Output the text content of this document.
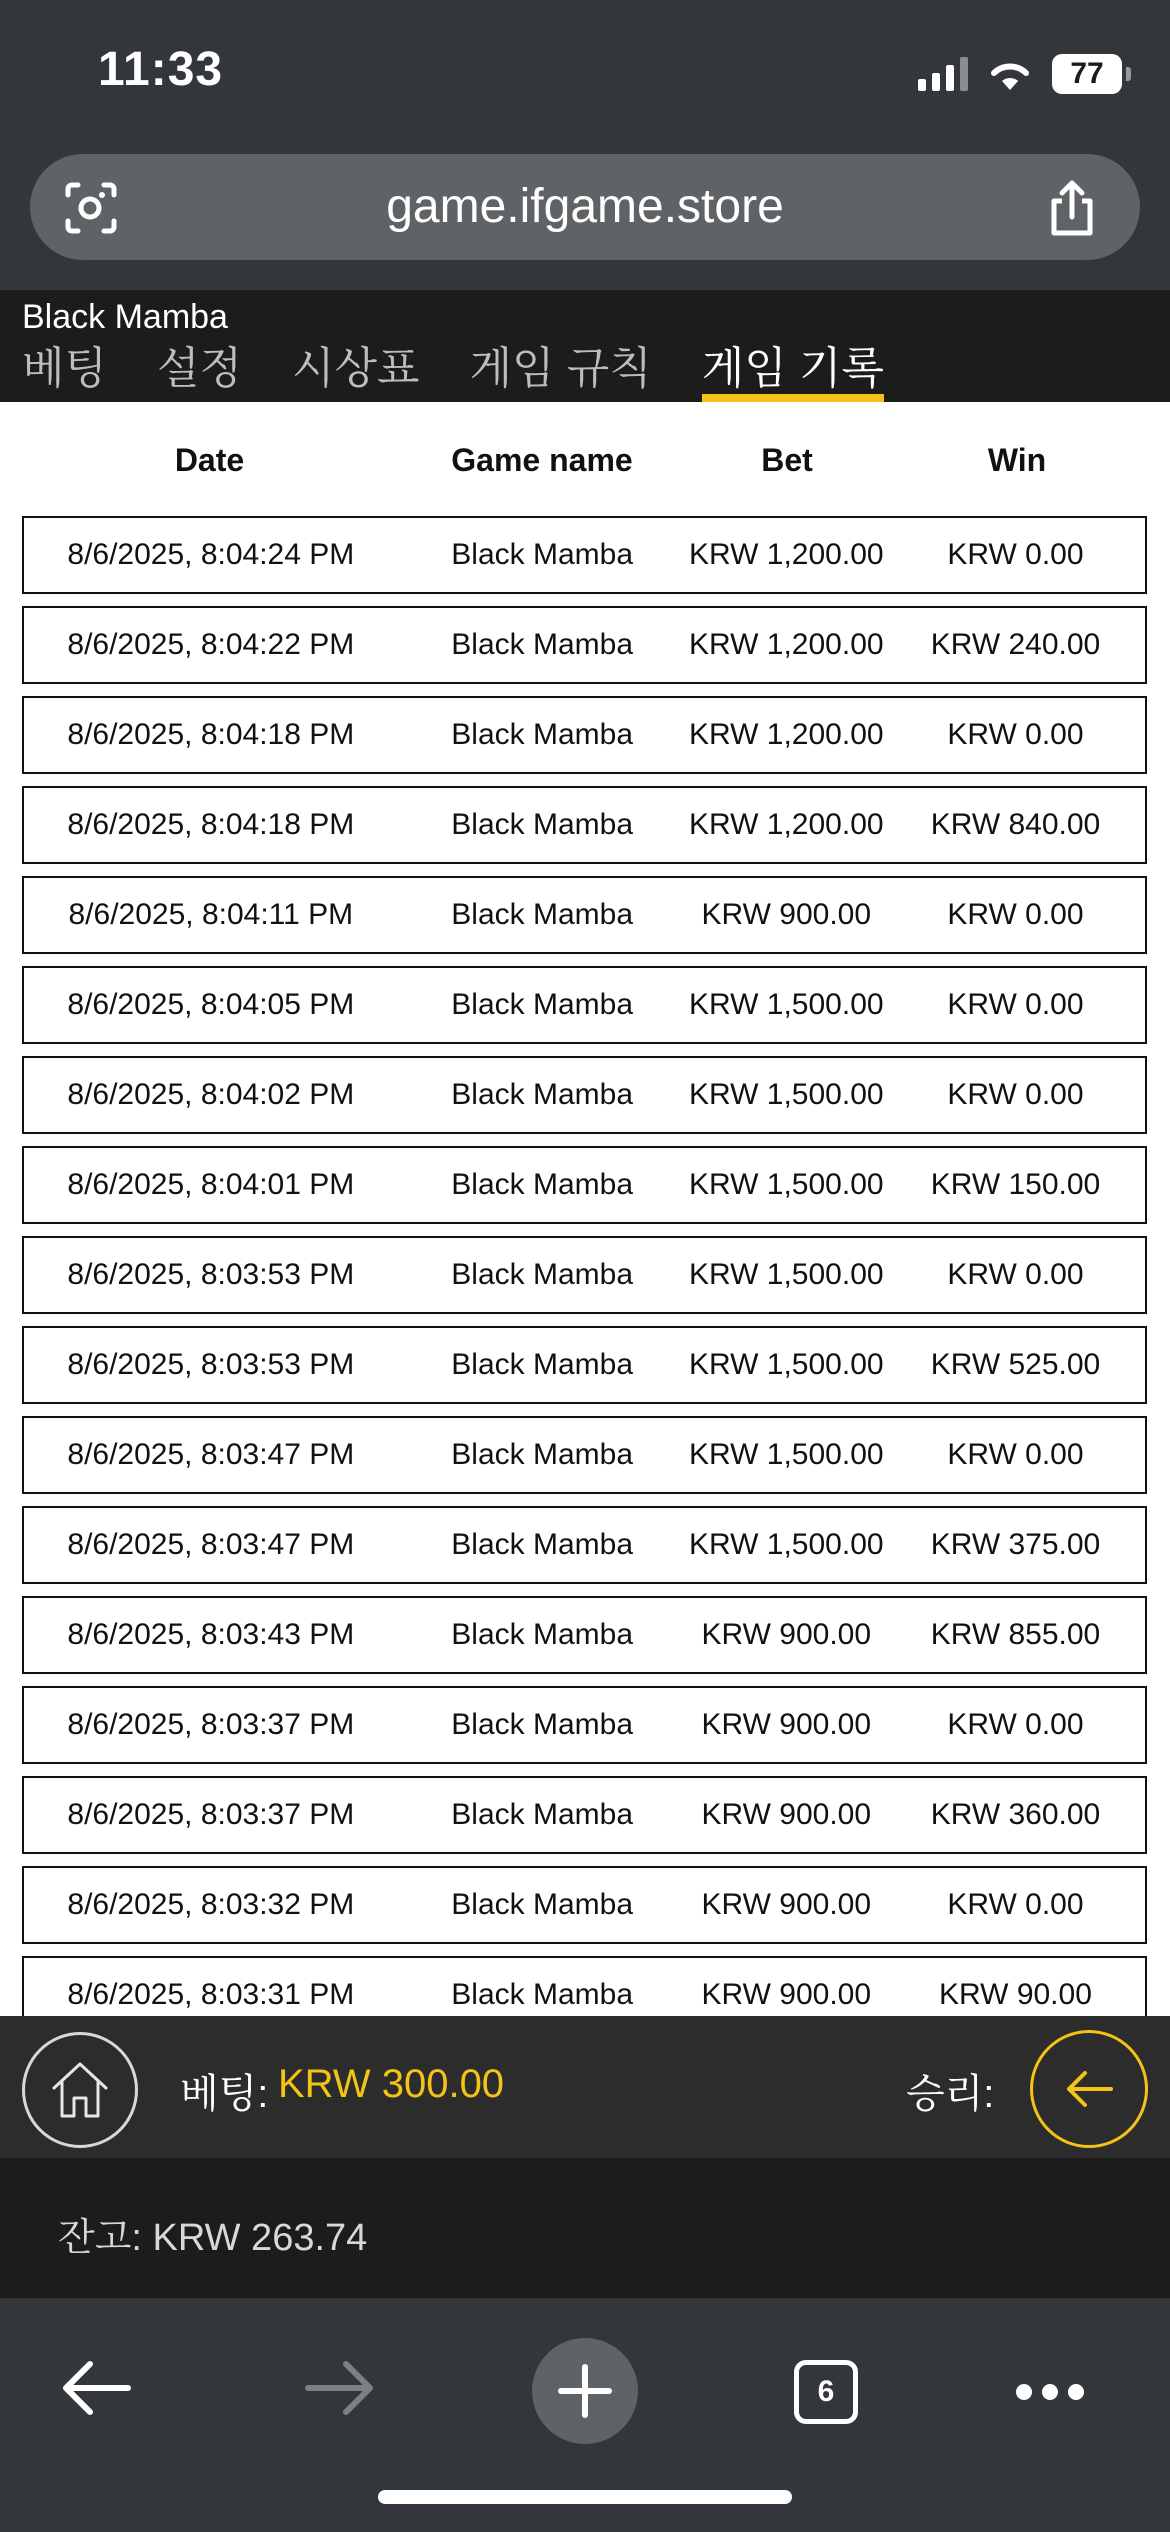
11:33	77
game.ifgame.store
Black Mamba
베팅 설정 시상표 게임 규칙 게임 기록
Date	Game name	Bet	Win
8/6/2025, 8:04:24 PM	Black Mamba	KRW 1,200.00	KRW 0.00
8/6/2025, 8:04:22 PM	Black Mamba	KRW 1,200.00	KRW 240.00
8/6/2025, 8:04:18 PM	Black Mamba	KRW 1,200.00	KRW 0.00
8/6/2025, 8:04:18 PM	Black Mamba	KRW 1,200.00	KRW 840.00
8/6/2025, 8:04:11 PM	Black Mamba	KRW 900.00	KRW 0.00
8/6/2025, 8:04:05 PM	Black Mamba	KRW 1,500.00	KRW 0.00
8/6/2025, 8:04:02 PM	Black Mamba	KRW 1,500.00	KRW 0.00
8/6/2025, 8:04:01 PM	Black Mamba	KRW 1,500.00	KRW 150.00
8/6/2025, 8:03:53 PM	Black Mamba	KRW 1,500.00	KRW 0.00
8/6/2025, 8:03:53 PM	Black Mamba	KRW 1,500.00	KRW 525.00
8/6/2025, 8:03:47 PM	Black Mamba	KRW 1,500.00	KRW 0.00
8/6/2025, 8:03:47 PM	Black Mamba	KRW 1,500.00	KRW 375.00
8/6/2025, 8:03:43 PM	Black Mamba	KRW 900.00	KRW 855.00
8/6/2025, 8:03:37 PM	Black Mamba	KRW 900.00	KRW 0.00
8/6/2025, 8:03:37 PM	Black Mamba	KRW 900.00	KRW 360.00
8/6/2025, 8:03:32 PM	Black Mamba	KRW 900.00	KRW 0.00
8/6/2025, 8:03:31 PM	Black Mamba	KRW 900.00	KRW 90.00
베팅: KRW 300.00	승리:
잔고: KRW 263.74
6
